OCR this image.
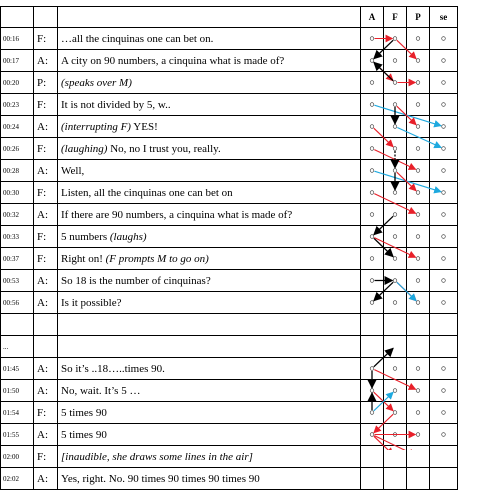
			A	F	P	se
00:16	F:	…all the cinquinas one can bet on.				
00:17	A:	A city on 90 numbers, a cinquina what is made of?				
00:20	P:	(speaks over M)				
00:23	F:	It is not divided by 5, w..				
00:24	A:	(interrupting F) YES!				
00:26	F:	(laughing) No, no I trust you, really.				
00:28	A:	Well,				
00:30	F:	Listen, all the cinquinas one can bet on				
00:32	A:	If there are 90 numbers, a cinquina what is made of?				
00:33	F:	5 numbers (laughs)				
00:37	F:	Right on! (F prompts M to go on)				
00:53	A:	So 18 is the number of cinquinas?				
00:56	A:	Is it possible?				

...						
01:45	A:	So it’s ..18…..times 90.				
01:50	A:	No, wait. It’s 5 …				
01:54	F:	5 times 90				
01:55	A:	5 times 90				
02:00	F:	[inaudible, she draws some lines in the air]				
02:02	A:	Yes, right. No. 90 times 90 times 90 times 90				
